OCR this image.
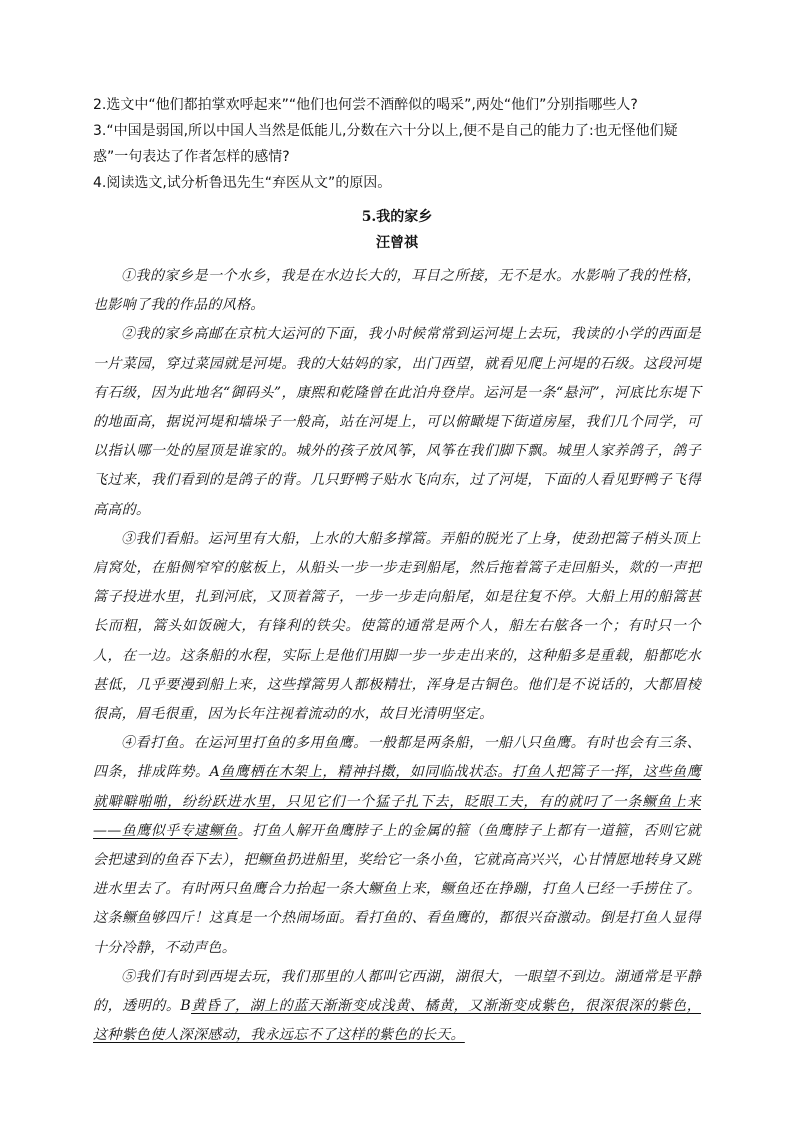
2.选文中“他们都拍掌欢呼起来”“他们也何尝不酒醉似的喝采”,两处“他们”分别指哪些人?

3.“中国是弱国,所以中国人当然是低能儿,分数在六十分以上,便不是自己的能力了:也无怪他们疑惑”一句表达了作者怎样的感情?

4.阅读选文,试分析鲁迅先生“弃医从文”的原因。

5.我的家乡

汪曾祺

①我的家乡是一个水乡，我是在水边长大的，耳目之所接，无不是水。水影响了我的性格，也影响了我的作品的风格。

②我的家乡高邮在京杭大运河的下面，我小时候常常到运河堤上去玩，我读的小学的西面是一片菜园，穿过菜园就是河堤。我的大姑妈的家，出门西望，就看见爬上河堤的石级。这段河堤有石级，因为此地名“御码头”，康熙和乾隆曾在此泊舟登岸。运河是一条“悬河”，河底比东堤下的地面高，据说河堤和墙垛子一般高，站在河堤上，可以俯瞰堤下街道房屋，我们几个同学，可以指认哪一处的屋顶是谁家的。城外的孩子放风筝，风筝在我们脚下飘。城里人家养鸽子，鸽子飞过来，我们看到的是鸽子的背。几只野鸭子贴水飞向东，过了河堤，下面的人看见野鸭子飞得高高的。

③我们看船。运河里有大船，上水的大船多撑篙。弄船的脱光了上身，使劲把篙子梢头顶上肩窝处，在船侧窄窄的舷板上，从船头一步一步走到船尾，然后拖着篙子走回船头，欻的一声把篙子投进水里，扎到河底，又顶着篙子，一步一步走向船尾，如是往复不停。大船上用的船篙甚长而粗，篙头如饭碗大，有锋利的铁尖。使篙的通常是两个人，船左右舷各一个；有时只一个人，在一边。这条船的水程，实际上是他们用脚一步一步走出来的，这种船多是重载，船都吃水甚低，几乎要漫到船上来，这些撑篙男人都极精壮，浑身是古铜色。他们是不说话的，大都眉棱很高，眉毛很重，因为长年注视着流动的水，故目光清明坚定。

④看打鱼。在运河里打鱼的多用鱼鹰。一般都是两条船，一船八只鱼鹰。有时也会有三条、四条，排成阵势。A鱼鹰栖在木架上，精神抖擞，如同临战状态。打鱼人把篙子一挥，这些鱼鹰就噼噼啪啪，纷纷跃进水里，只见它们一个猛子扎下去，眨眼工夫，有的就叼了一条鳜鱼上来——鱼鹰似乎专逮鳜鱼。打鱼人解开鱼鹰脖子上的金属的箍（鱼鹰脖子上都有一道箍，否则它就会把逮到的鱼吞下去），把鳜鱼扔进船里，奖给它一条小鱼，它就高高兴兴，心甘情愿地转身又跳进水里去了。有时两只鱼鹰合力抬起一条大鳜鱼上来，鳜鱼还在挣蹦，打鱼人已经一手捞住了。这条鳜鱼够四斤！这真是一个热闹场面。看打鱼的、看鱼鹰的，都很兴奋激动。倒是打鱼人显得十分冷静，不动声色。

⑤我们有时到西堤去玩，我们那里的人都叫它西湖，湖很大，一眼望不到边。湖通常是平静的，透明的。B黄昏了，湖上的蓝天渐渐变成浅黄、橘黄，又渐渐变成紫色，很深很深的紫色，这种紫色使人深深感动，我永远忘不了这样的紫色的长天。
